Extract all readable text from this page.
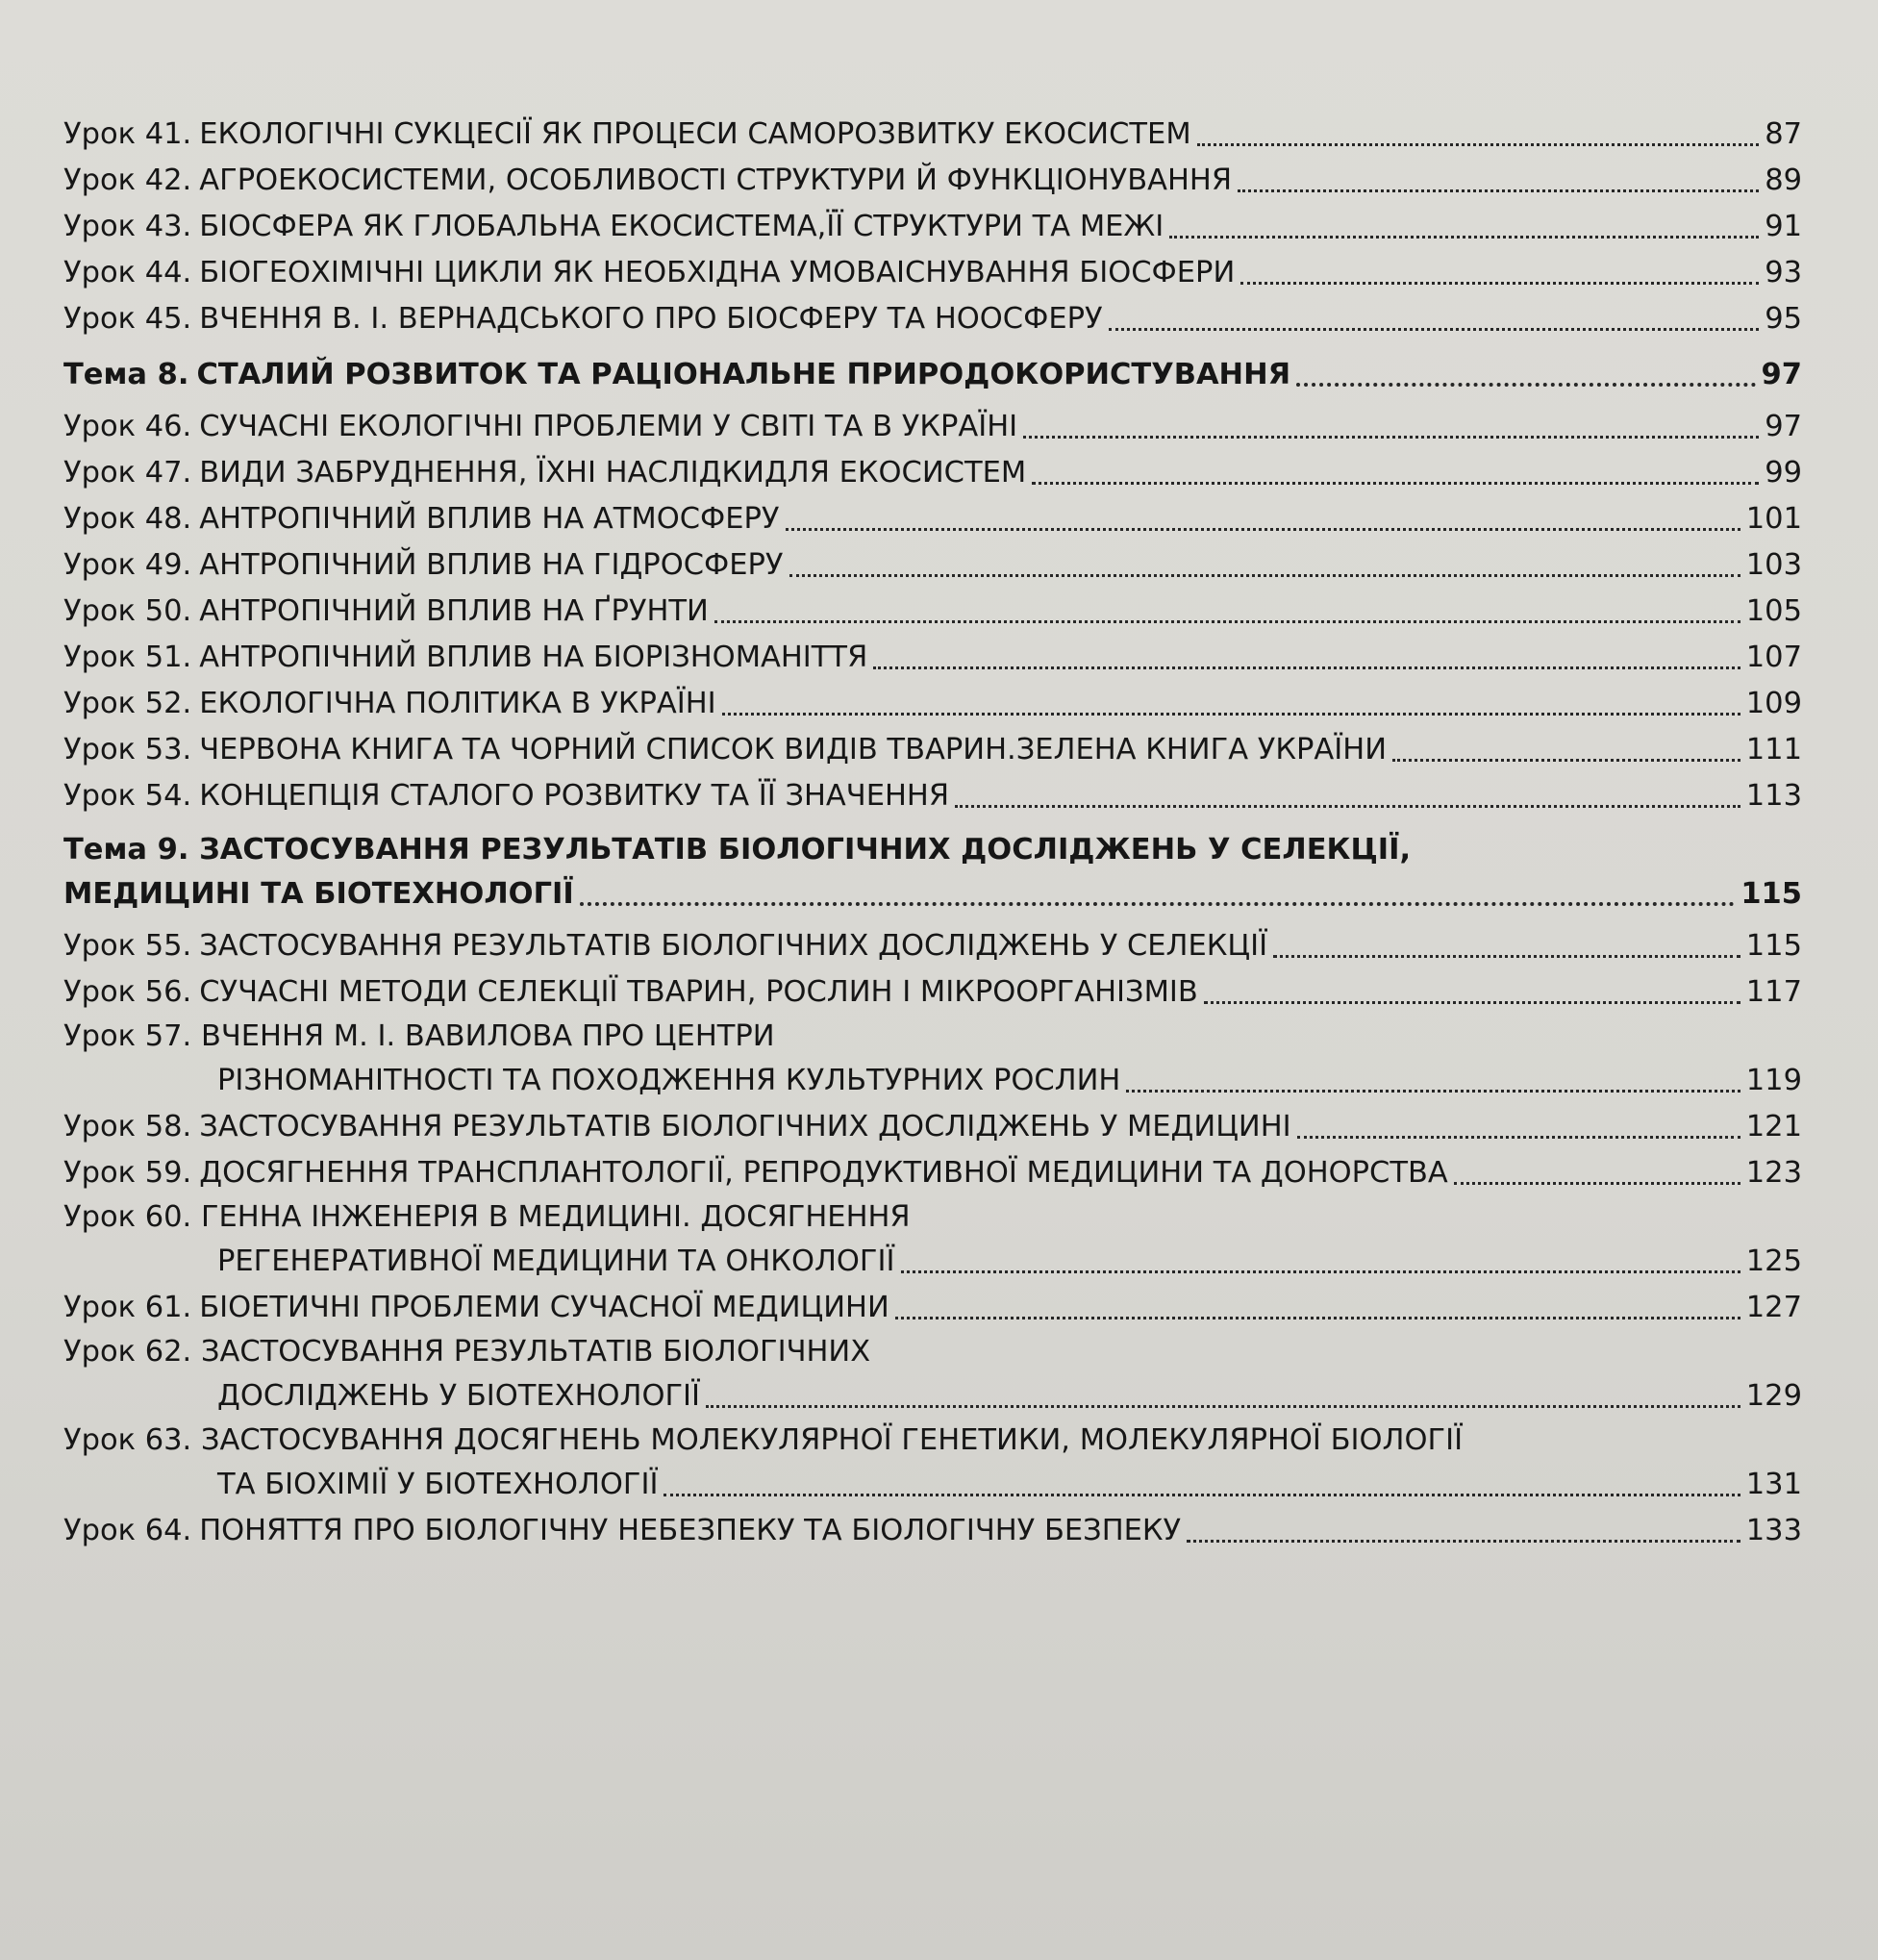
Урок 41. ЕКОЛОГІЧНІ СУКЦЕСІЇ ЯК ПРОЦЕСИ САМОРОЗВИТКУ ЕКОСИСТЕМ	87
Урок 42. АГРОЕКОСИСТЕМИ, ОСОБЛИВОСТІ СТРУКТУРИ Й ФУНКЦІОНУВАННЯ	89
Урок 43. БІОСФЕРА ЯК ГЛОБАЛЬНА ЕКОСИСТЕМА,ЇЇ СТРУКТУРИ ТА МЕЖІ	91
Урок 44. БІОГЕОХІМІЧНІ ЦИКЛИ ЯК НЕОБХІДНА УМОВАІСНУВАННЯ БІОСФЕРИ	93
Урок 45. ВЧЕННЯ В. І. ВЕРНАДСЬКОГО ПРО БІОСФЕРУ ТА НООСФЕРУ	95
Тема 8. СТАЛИЙ РОЗВИТОК ТА РАЦІОНАЛЬНЕ ПРИРОДОКОРИСТУВАННЯ	97
Урок 46. СУЧАСНІ ЕКОЛОГІЧНІ ПРОБЛЕМИ У СВІТІ ТА В УКРАЇНІ	97
Урок 47. ВИДИ ЗАБРУДНЕННЯ, ЇХНІ НАСЛІДКИДЛЯ ЕКОСИСТЕМ	99
Урок 48. АНТРОПІЧНИЙ ВПЛИВ НА АТМОСФЕРУ	101
Урок 49. АНТРОПІЧНИЙ ВПЛИВ НА ГІДРОСФЕРУ	103
Урок 50. АНТРОПІЧНИЙ ВПЛИВ НА ҐРУНТИ	105
Урок 51. АНТРОПІЧНИЙ ВПЛИВ НА БІОРІЗНОМАНІТТЯ	107
Урок 52. ЕКОЛОГІЧНА ПОЛІТИКА В УКРАЇНІ	109
Урок 53. ЧЕРВОНА КНИГА ТА ЧОРНИЙ СПИСОК ВИДІВ ТВАРИН.ЗЕЛЕНА КНИГА УКРАЇНИ	111
Урок 54. КОНЦЕПЦІЯ СТАЛОГО РОЗВИТКУ ТА ЇЇ ЗНАЧЕННЯ	113
Тема 9. ЗАСТОСУВАННЯ РЕЗУЛЬТАТІВ БІОЛОГІЧНИХ ДОСЛІДЖЕНЬ У СЕЛЕКЦІЇ,
МЕДИЦИНІ ТА БІОТЕХНОЛОГІЇ	115
Урок 55. ЗАСТОСУВАННЯ РЕЗУЛЬТАТІВ БІОЛОГІЧНИХ ДОСЛІДЖЕНЬ У СЕЛЕКЦІЇ	115
Урок 56. СУЧАСНІ МЕТОДИ СЕЛЕКЦІЇ ТВАРИН, РОСЛИН І МІКРООРГАНІЗМІВ	117
Урок 57. ВЧЕННЯ М. І. ВАВИЛОВА ПРО ЦЕНТРИ
РІЗНОМАНІТНОСТІ ТА ПОХОДЖЕННЯ КУЛЬТУРНИХ РОСЛИН	119
Урок 58. ЗАСТОСУВАННЯ РЕЗУЛЬТАТІВ БІОЛОГІЧНИХ ДОСЛІДЖЕНЬ У МЕДИЦИНІ	121
Урок 59. ДОСЯГНЕННЯ ТРАНСПЛАНТОЛОГІЇ, РЕПРОДУКТИВНОЇ МЕДИЦИНИ ТА ДОНОРСТВА	123
Урок 60. ГЕННА ІНЖЕНЕРІЯ В МЕДИЦИНІ. ДОСЯГНЕННЯ
РЕГЕНЕРАТИВНОЇ МЕДИЦИНИ ТА ОНКОЛОГІЇ	125
Урок 61. БІОЕТИЧНІ ПРОБЛЕМИ СУЧАСНОЇ МЕДИЦИНИ	127
Урок 62. ЗАСТОСУВАННЯ РЕЗУЛЬТАТІВ БІОЛОГІЧНИХ
ДОСЛІДЖЕНЬ У БІОТЕХНОЛОГІЇ	129
Урок 63. ЗАСТОСУВАННЯ ДОСЯГНЕНЬ МОЛЕКУЛЯРНОЇ ГЕНЕТИКИ, МОЛЕКУЛЯРНОЇ БІОЛОГІЇ
ТА БІОХІМІЇ У БІОТЕХНОЛОГІЇ	131
Урок 64. ПОНЯТТЯ ПРО БІОЛОГІЧНУ НЕБЕЗПЕКУ ТА БІОЛОГІЧНУ БЕЗПЕКУ	133
